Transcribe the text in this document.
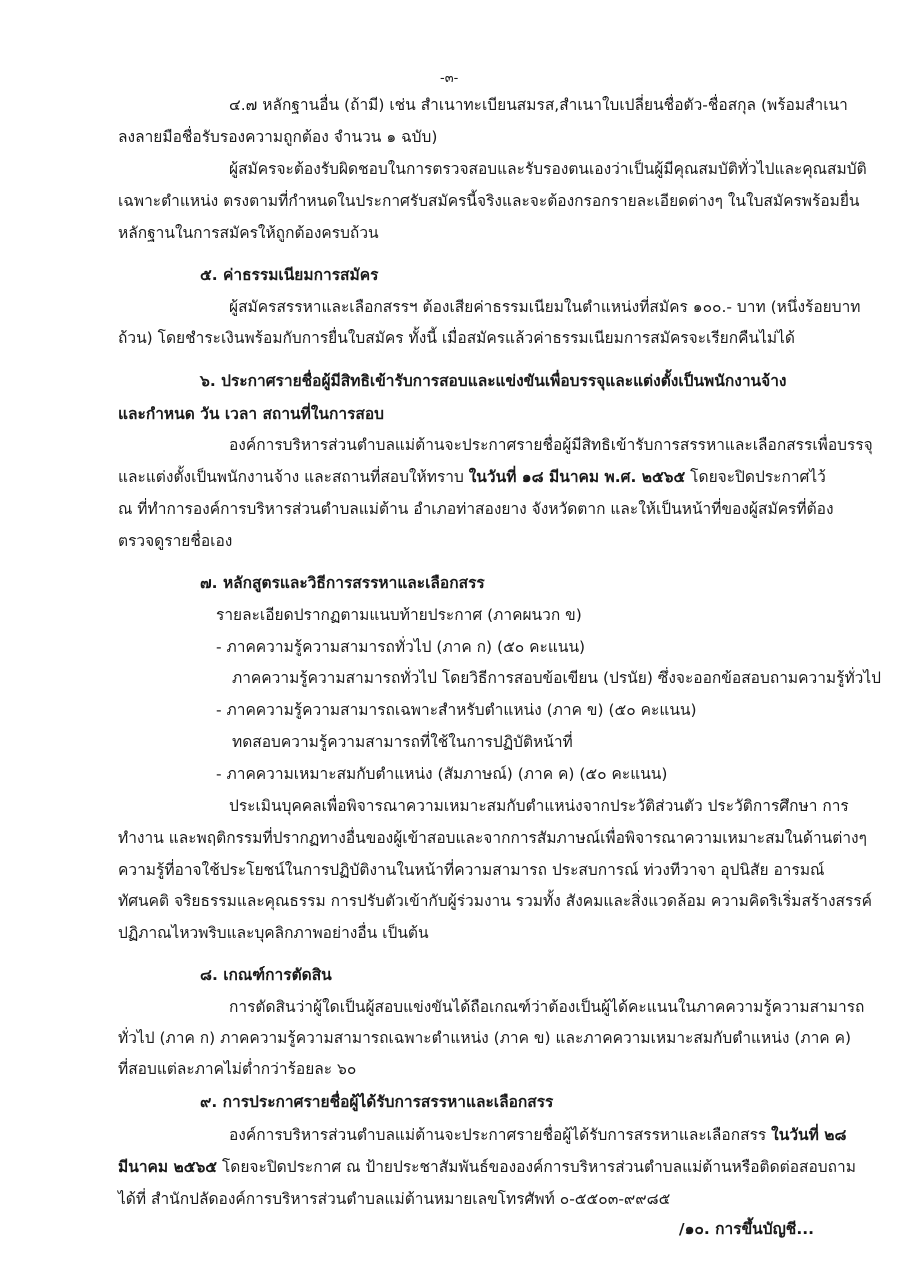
-๓-
๔.๗ หลักฐานอื่น (ถ้ามี) เช่น สำเนาทะเบียนสมรส,สำเนาใบเปลี่ยนชื่อตัว-ชื่อสกุล (พร้อมสำเนา
ลงลายมือชื่อรับรองความถูกต้อง จำนวน ๑ ฉบับ)
ผู้สมัครจะต้องรับผิดชอบในการตรวจสอบและรับรองตนเองว่าเป็นผู้มีคุณสมบัติทั่วไปและคุณสมบัติ
เฉพาะตำแหน่ง ตรงตามที่กำหนดในประกาศรับสมัครนี้จริงและจะต้องกรอกรายละเอียดต่างๆ ในใบสมัครพร้อมยื่น
หลักฐานในการสมัครให้ถูกต้องครบถ้วน
๕. ค่าธรรมเนียมการสมัคร
ผู้สมัครสรรหาและเลือกสรรฯ ต้องเสียค่าธรรมเนียมในตำแหน่งที่สมัคร ๑๐๐.- บาท (หนึ่งร้อยบาท
ถ้วน) โดยชำระเงินพร้อมกับการยื่นใบสมัคร ทั้งนี้ เมื่อสมัครแล้วค่าธรรมเนียมการสมัครจะเรียกคืนไม่ได้
๖. ประกาศรายชื่อผู้มีสิทธิเข้ารับการสอบและแข่งขันเพื่อบรรจุและแต่งตั้งเป็นพนักงานจ้าง
และกำหนด วัน เวลา สถานที่ในการสอบ
องค์การบริหารส่วนตำบลแม่ต้านจะประกาศรายชื่อผู้มีสิทธิเข้ารับการสรรหาและเลือกสรรเพื่อบรรจุ
และแต่งตั้งเป็นพนักงานจ้าง และสถานที่สอบให้ทราบ ในวันที่ ๑๘ มีนาคม พ.ศ. ๒๕๖๕ โดยจะปิดประกาศไว้
ณ ที่ทำการองค์การบริหารส่วนตำบลแม่ต้าน อำเภอท่าสองยาง จังหวัดตาก และให้เป็นหน้าที่ของผู้สมัครที่ต้อง
ตรวจดูรายชื่อเอง
๗. หลักสูตรและวิธีการสรรหาและเลือกสรร
รายละเอียดปรากฏตามแนบท้ายประกาศ (ภาคผนวก ข)
- ภาคความรู้ความสามารถทั่วไป (ภาค ก) (๕๐ คะแนน)
ภาคความรู้ความสามารถทั่วไป โดยวิธีการสอบข้อเขียน (ปรนัย) ซึ่งจะออกข้อสอบถามความรู้ทั่วไป
- ภาคความรู้ความสามารถเฉพาะสำหรับตำแหน่ง (ภาค ข) (๕๐ คะแนน)
ทดสอบความรู้ความสามารถที่ใช้ในการปฏิบัติหน้าที่
- ภาคความเหมาะสมกับตำแหน่ง (สัมภาษณ์) (ภาค ค) (๕๐ คะแนน)
ประเมินบุคคลเพื่อพิจารณาความเหมาะสมกับตำแหน่งจากประวัติส่วนตัว ประวัติการศึกษา การ
ทำงาน และพฤติกรรมที่ปรากฏทางอื่นของผู้เข้าสอบและจากการสัมภาษณ์เพื่อพิจารณาความเหมาะสมในด้านต่างๆ
ความรู้ที่อาจใช้ประโยชน์ในการปฏิบัติงานในหน้าที่ความสามารถ ประสบการณ์ ท่วงทีวาจา อุปนิสัย อารมณ์
ทัศนคติ จริยธรรมและคุณธรรม การปรับตัวเข้ากับผู้ร่วมงาน รวมทั้ง สังคมและสิ่งแวดล้อม ความคิดริเริ่มสร้างสรรค์
ปฏิภาณไหวพริบและบุคลิกภาพอย่างอื่น เป็นต้น
๘. เกณฑ์การตัดสิน
การตัดสินว่าผู้ใดเป็นผู้สอบแข่งขันได้ถือเกณฑ์ว่าต้องเป็นผู้ได้คะแนนในภาคความรู้ความสามารถ
ทั่วไป (ภาค ก) ภาคความรู้ความสามารถเฉพาะตำแหน่ง (ภาค ข) และภาคความเหมาะสมกับตำแหน่ง (ภาค ค)
ที่สอบแต่ละภาคไม่ต่ำกว่าร้อยละ ๖๐
๙. การประกาศรายชื่อผู้ได้รับการสรรหาและเลือกสรร
องค์การบริหารส่วนตำบลแม่ต้านจะประกาศรายชื่อผู้ได้รับการสรรหาและเลือกสรร ในวันที่ ๒๘
มีนาคม ๒๕๖๕ โดยจะปิดประกาศ ณ ป้ายประชาสัมพันธ์ขององค์การบริหารส่วนตำบลแม่ต้านหรือติดต่อสอบถาม
ได้ที่ สำนักปลัดองค์การบริหารส่วนตำบลแม่ต้านหมายเลขโทรศัพท์ ๐-๕๕๐๓-๙๙๘๕
/๑๐. การขึ้นบัญชี...
